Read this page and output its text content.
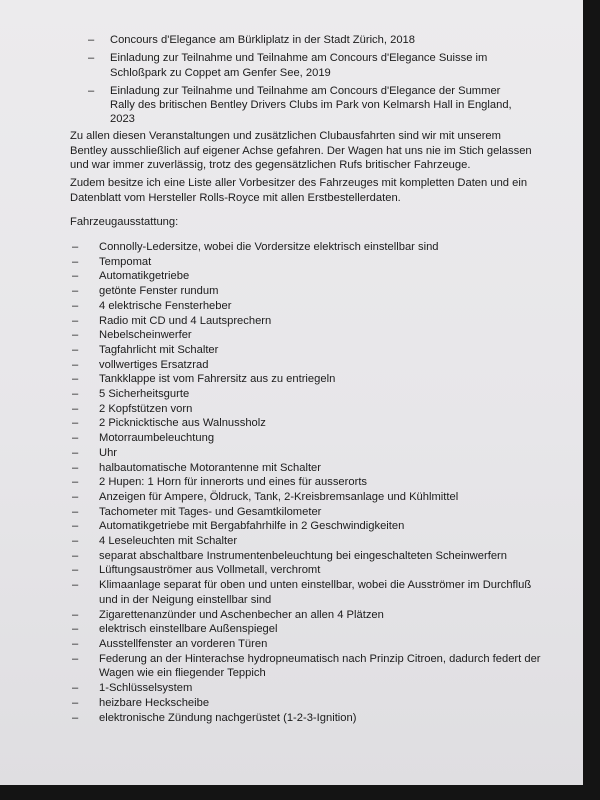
– Concours d'Elegance am Bürkliplatz in der Stadt Zürich, 2018
– Einladung zur Teilnahme und Teilnahme am Concours d'Elegance Suisse im Schloßpark zu Coppet am Genfer See, 2019
– Einladung zur Teilnahme und Teilnahme am Concours d'Elegance der Summer Rally des britischen Bentley Drivers Clubs im Park von Kelmarsh Hall in England, 2023

Zu allen diesen Veranstaltungen und zusätzlichen Clubausfahrten sind wir mit unserem Bentley ausschließlich auf eigener Achse gefahren. Der Wagen hat uns nie im Stich gelassen und war immer zuverlässig, trotz des gegensätzlichen Rufs britischer Fahrzeuge.

Zudem besitze ich eine Liste aller Vorbesitzer des Fahrzeuges mit kompletten Daten und ein Datenblatt vom Hersteller Rolls-Royce mit allen Erstbestellerdaten.

Fahrzeugausstattung:

– Connolly-Ledersitze, wobei die Vordersitze elektrisch einstellbar sind
– Tempomat
– Automatikgetriebe
– getönte Fenster rundum
– 4 elektrische Fensterheber
– Radio mit CD und 4 Lautsprechern
– Nebelscheinwerfer
– Tagfahrlicht mit Schalter
– vollwertiges Ersatzrad
– Tankklappe ist vom Fahrersitz aus zu entriegeln
– 5 Sicherheitsgurte
– 2 Kopfstützen vorn
– 2 Picknicktische aus Walnussholz
– Motorraumbeleuchtung
– Uhr
– halbautomatische Motorantenne mit Schalter
– 2 Hupen: 1 Horn für innerorts und eines für ausserorts
– Anzeigen für Ampere, Öldruck, Tank, 2-Kreisbremsanlage und Kühlmittel
– Tachometer mit Tages- und Gesamtkilometer
– Automatikgetriebe mit Bergabfahrhilfe in 2 Geschwindigkeiten
– 4 Leseleuchten mit Schalter
– separat abschaltbare Instrumentenbeleuchtung bei eingeschalteten Scheinwerfern
– Lüftungsauströmer aus Vollmetall, verchromt
– Klimaanlage separat für oben und unten einstellbar, wobei die Ausströmer im Durchfluß und in der Neigung einstellbar sind
– Zigarettenanzünder und Aschenbecher an allen 4 Plätzen
– elektrisch einstellbare Außenspiegel
– Ausstellfenster an vorderen Türen
– Federung an der Hinterachse hydropneumatisch nach Prinzip Citroen, dadurch federt der Wagen wie ein fliegender Teppich
– 1-Schlüsselsystem
– heizbare Heckscheibe
– elektronische Zündung nachgerüstet (1-2-3-Ignition)
